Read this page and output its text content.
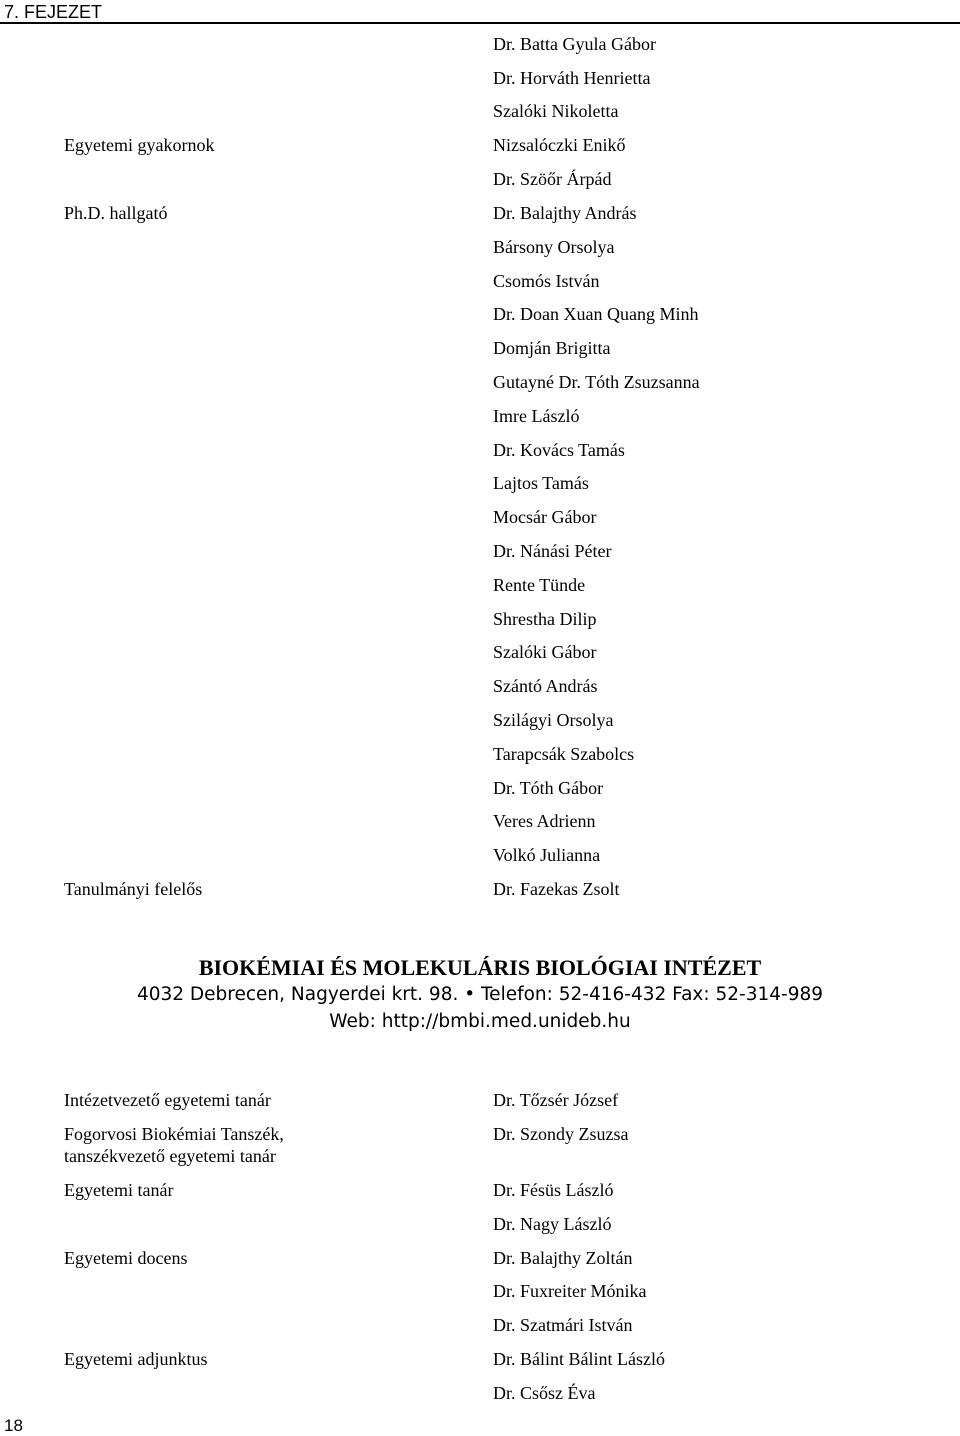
7. FEJEZET
Egyetemi gyakornok
Ph.D. hallgató
Tanulmányi felelős
Dr. Batta Gyula Gábor
Dr. Horváth Henrietta
Szalóki Nikoletta
Nizsalóczki Enikő
Dr. Szöőr Árpád
Dr. Balajthy András
Bársony Orsolya
Csomós István
Dr. Doan Xuan Quang Minh
Domján Brigitta
Gutayné Dr. Tóth Zsuzsanna
Imre László
Dr. Kovács Tamás
Lajtos Tamás
Mocsár Gábor
Dr. Nánási Péter
Rente Tünde
Shrestha Dilip
Szalóki Gábor
Szántó András
Szilágyi Orsolya
Tarapcsák Szabolcs
Dr. Tóth Gábor
Veres Adrienn
Volkó Julianna
Dr. Fazekas Zsolt
BIOKÉMIAI ÉS MOLEKULÁRIS BIOLÓGIAI INTÉZET
4032 Debrecen, Nagyerdei krt. 98. • Telefon: 52-416-432 Fax: 52-314-989
Web: http://bmbi.med.unideb.hu
Intézetvezető egyetemi tanár
Fogorvosi Biokémiai Tanszék,
tanszékvezető egyetemi tanár
Egyetemi tanár
Egyetemi docens
Egyetemi adjunktus
Dr. Tőzsér József
Dr. Szondy Zsuzsa
Dr. Fésüs László
Dr. Nagy László
Dr. Balajthy Zoltán
Dr. Fuxreiter Mónika
Dr. Szatmári István
Dr. Bálint Bálint László
Dr. Csősz Éva
18
